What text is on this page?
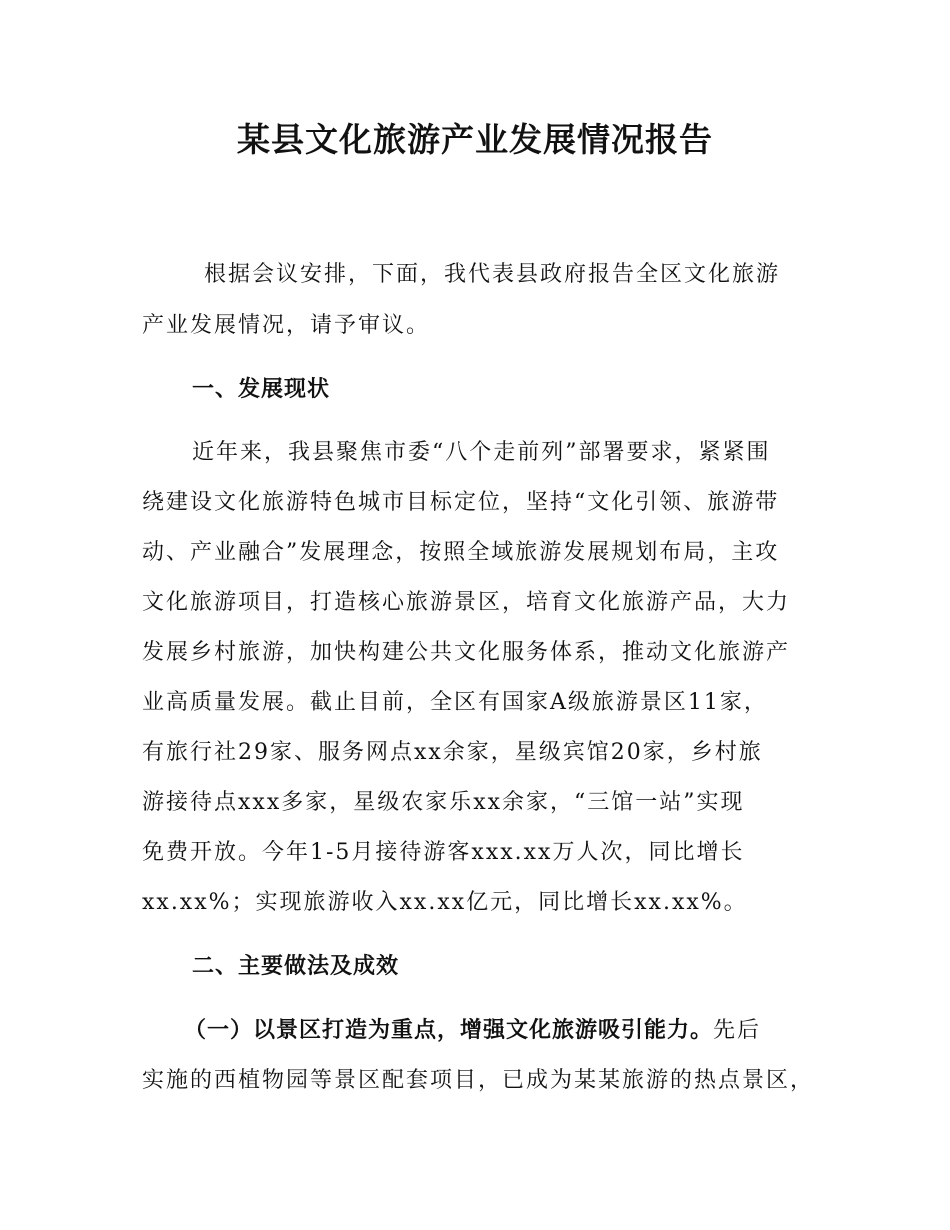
某县文化旅游产业发展情况报告
根据会议安排，下面，我代表县政府报告全区文化旅游
产业发展情况，请予审议。
一、发展现状
近年来，我县聚焦市委“八个走前列”部署要求，紧紧围
绕建设文化旅游特色城市目标定位，坚持“文化引领、旅游带
动、产业融合”发展理念，按照全域旅游发展规划布局，主攻
文化旅游项目，打造核心旅游景区，培育文化旅游产品，大力
发展乡村旅游，加快构建公共文化服务体系，推动文化旅游产
业高质量发展。截止目前，全区有国家A级旅游景区11家，
有旅行社29家、服务网点xx余家，星级宾馆20家，乡村旅
游接待点xxx多家，星级农家乐xx余家，“三馆一站”实现
免费开放。今年1-5月接待游客xxx.xx万人次，同比增长
xx.xx%；实现旅游收入xx.xx亿元，同比增长xx.xx%。
二、主要做法及成效
（一）以景区打造为重点，增强文化旅游吸引能力。先后
实施的西植物园等景区配套项目，已成为某某旅游的热点景区，
